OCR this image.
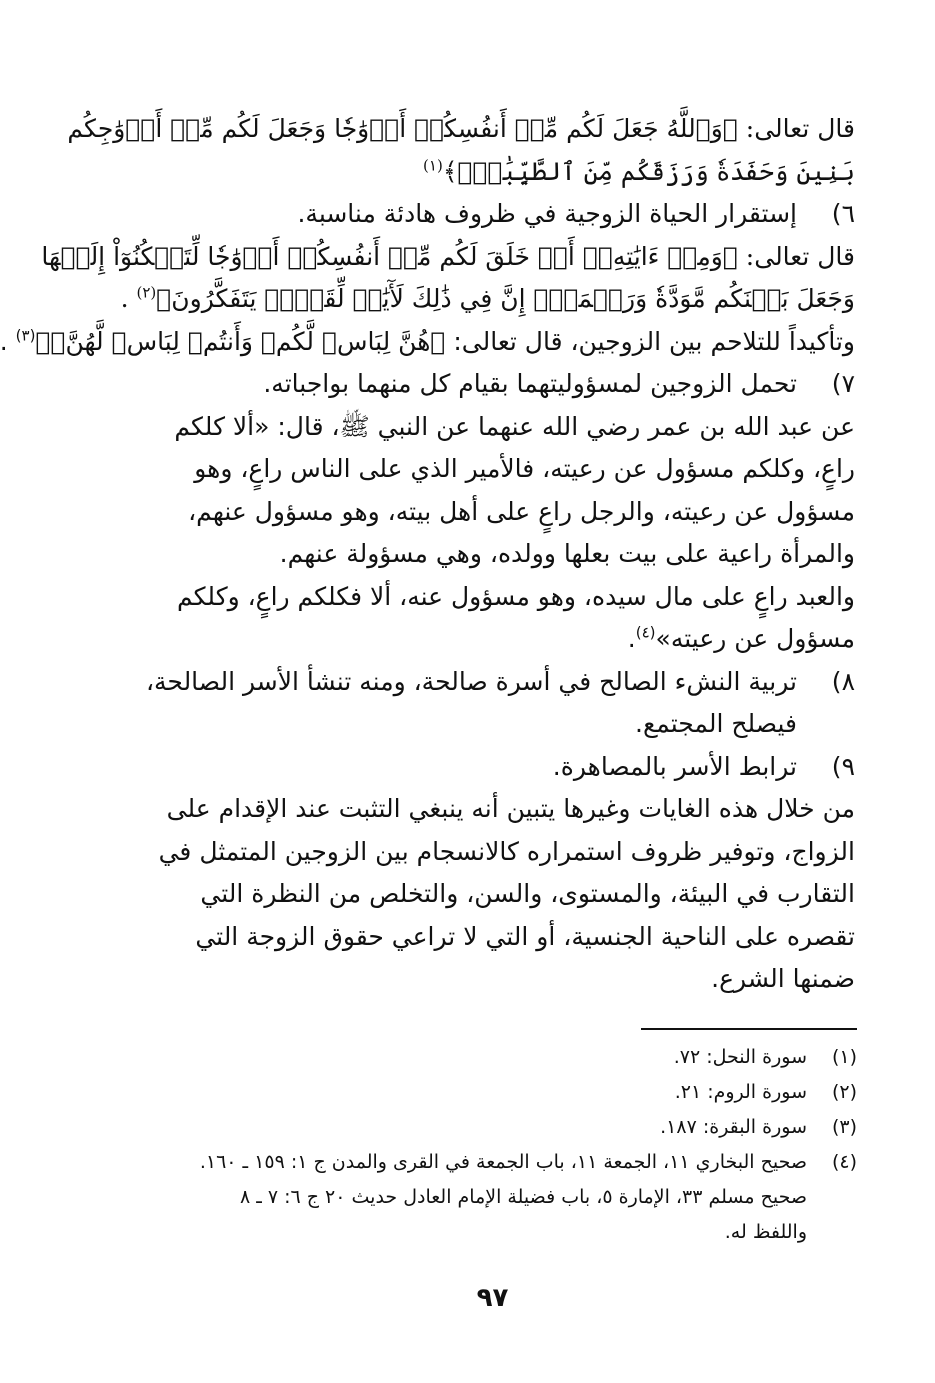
قال تعالى: ﴿وَٱللَّهُ جَعَلَ لَكُم مِّنۡ أَنفُسِكُمۡ أَزۡوَٰجٗا وَجَعَلَ لَكُم مِّنۡ أَزۡوَٰجِكُم
بَنِينَ وَحَفَدَةٗ وَرَزَقَكُم مِّنَ ٱلطَّيِّبَٰتِۚ﴾$^{(١)}$
٦)
إستقرار الحياة الزوجية في ظروف هادئة مناسبة.
قال تعالى: ﴿وَمِنۡ ءَايَٰتِهِۦٓ أَنۡ خَلَقَ لَكُم مِّنۡ أَنفُسِكُمۡ أَزۡوَٰجٗا لِّتَسۡكُنُوٓاْ إِلَيۡهَا
وَجَعَلَ بَيۡنَكُم مَّوَدَّةٗ وَرَحۡمَةًۚ إِنَّ فِي ذَٰلِكَ لَأٓيَٰتٖ لِّقَوۡمٖ يَتَفَكَّرُونَ﴾$^{(٢)}$ .
وتأكيداً للتلاحم بين الزوجين، قال تعالى: ﴿هُنَّ لِبَاسٞ لَّكُمۡ وَأَنتُمۡ لِبَاسٞ لَّهُنَّۗ﴾$^{(٣)}$ .
٧)
تحمل الزوجين لمسؤوليتهما بقيام كل منهما بواجباته.
عن عبد الله بن عمر رضي الله عنهما عن النبي ﷺ، قال: «ألا كلكم
راعٍ، وكلكم مسؤول عن رعيته، فالأمير الذي على الناس راعٍ، وهو
مسؤول عن رعيته، والرجل راعٍ على أهل بيته، وهو مسؤول عنهم،
والمرأة راعية على بيت بعلها وولده، وهي مسؤولة عنهم.
والعبد راعٍ على مال سيده، وهو مسؤول عنه، ألا فكلكم راعٍ، وكلكم
مسؤول عن رعيته»$^{(٤)}$.
٨)
تربية النشء الصالح في أسرة صالحة، ومنه تنشأ الأسر الصالحة،
فيصلح المجتمع.
٩)
ترابط الأسر بالمصاهرة.
من خلال هذه الغايات وغيرها يتبين أنه ينبغي التثبت عند الإقدام على
الزواج، وتوفير ظروف استمراره كالانسجام بين الزوجين المتمثل في
التقارب في البيئة، والمستوى، والسن، والتخلص من النظرة التي
تقصره على الناحية الجنسية، أو التي لا تراعي حقوق الزوجة التي
ضمنها الشرع.
(١)
سورة النحل: ٧٢.
(٢)
سورة الروم: ٢١.
(٣)
سورة البقرة: ١٨٧.
(٤)
صحيح البخاري ١١، الجمعة ١١، باب الجمعة في القرى والمدن ج ١: ١٥٩ ـ ١٦٠.
صحيح مسلم ٣٣، الإمارة ٥، باب فضيلة الإمام العادل حديث ٢٠ ج ٦: ٧ ـ ٨
واللفظ له.
٩٧
